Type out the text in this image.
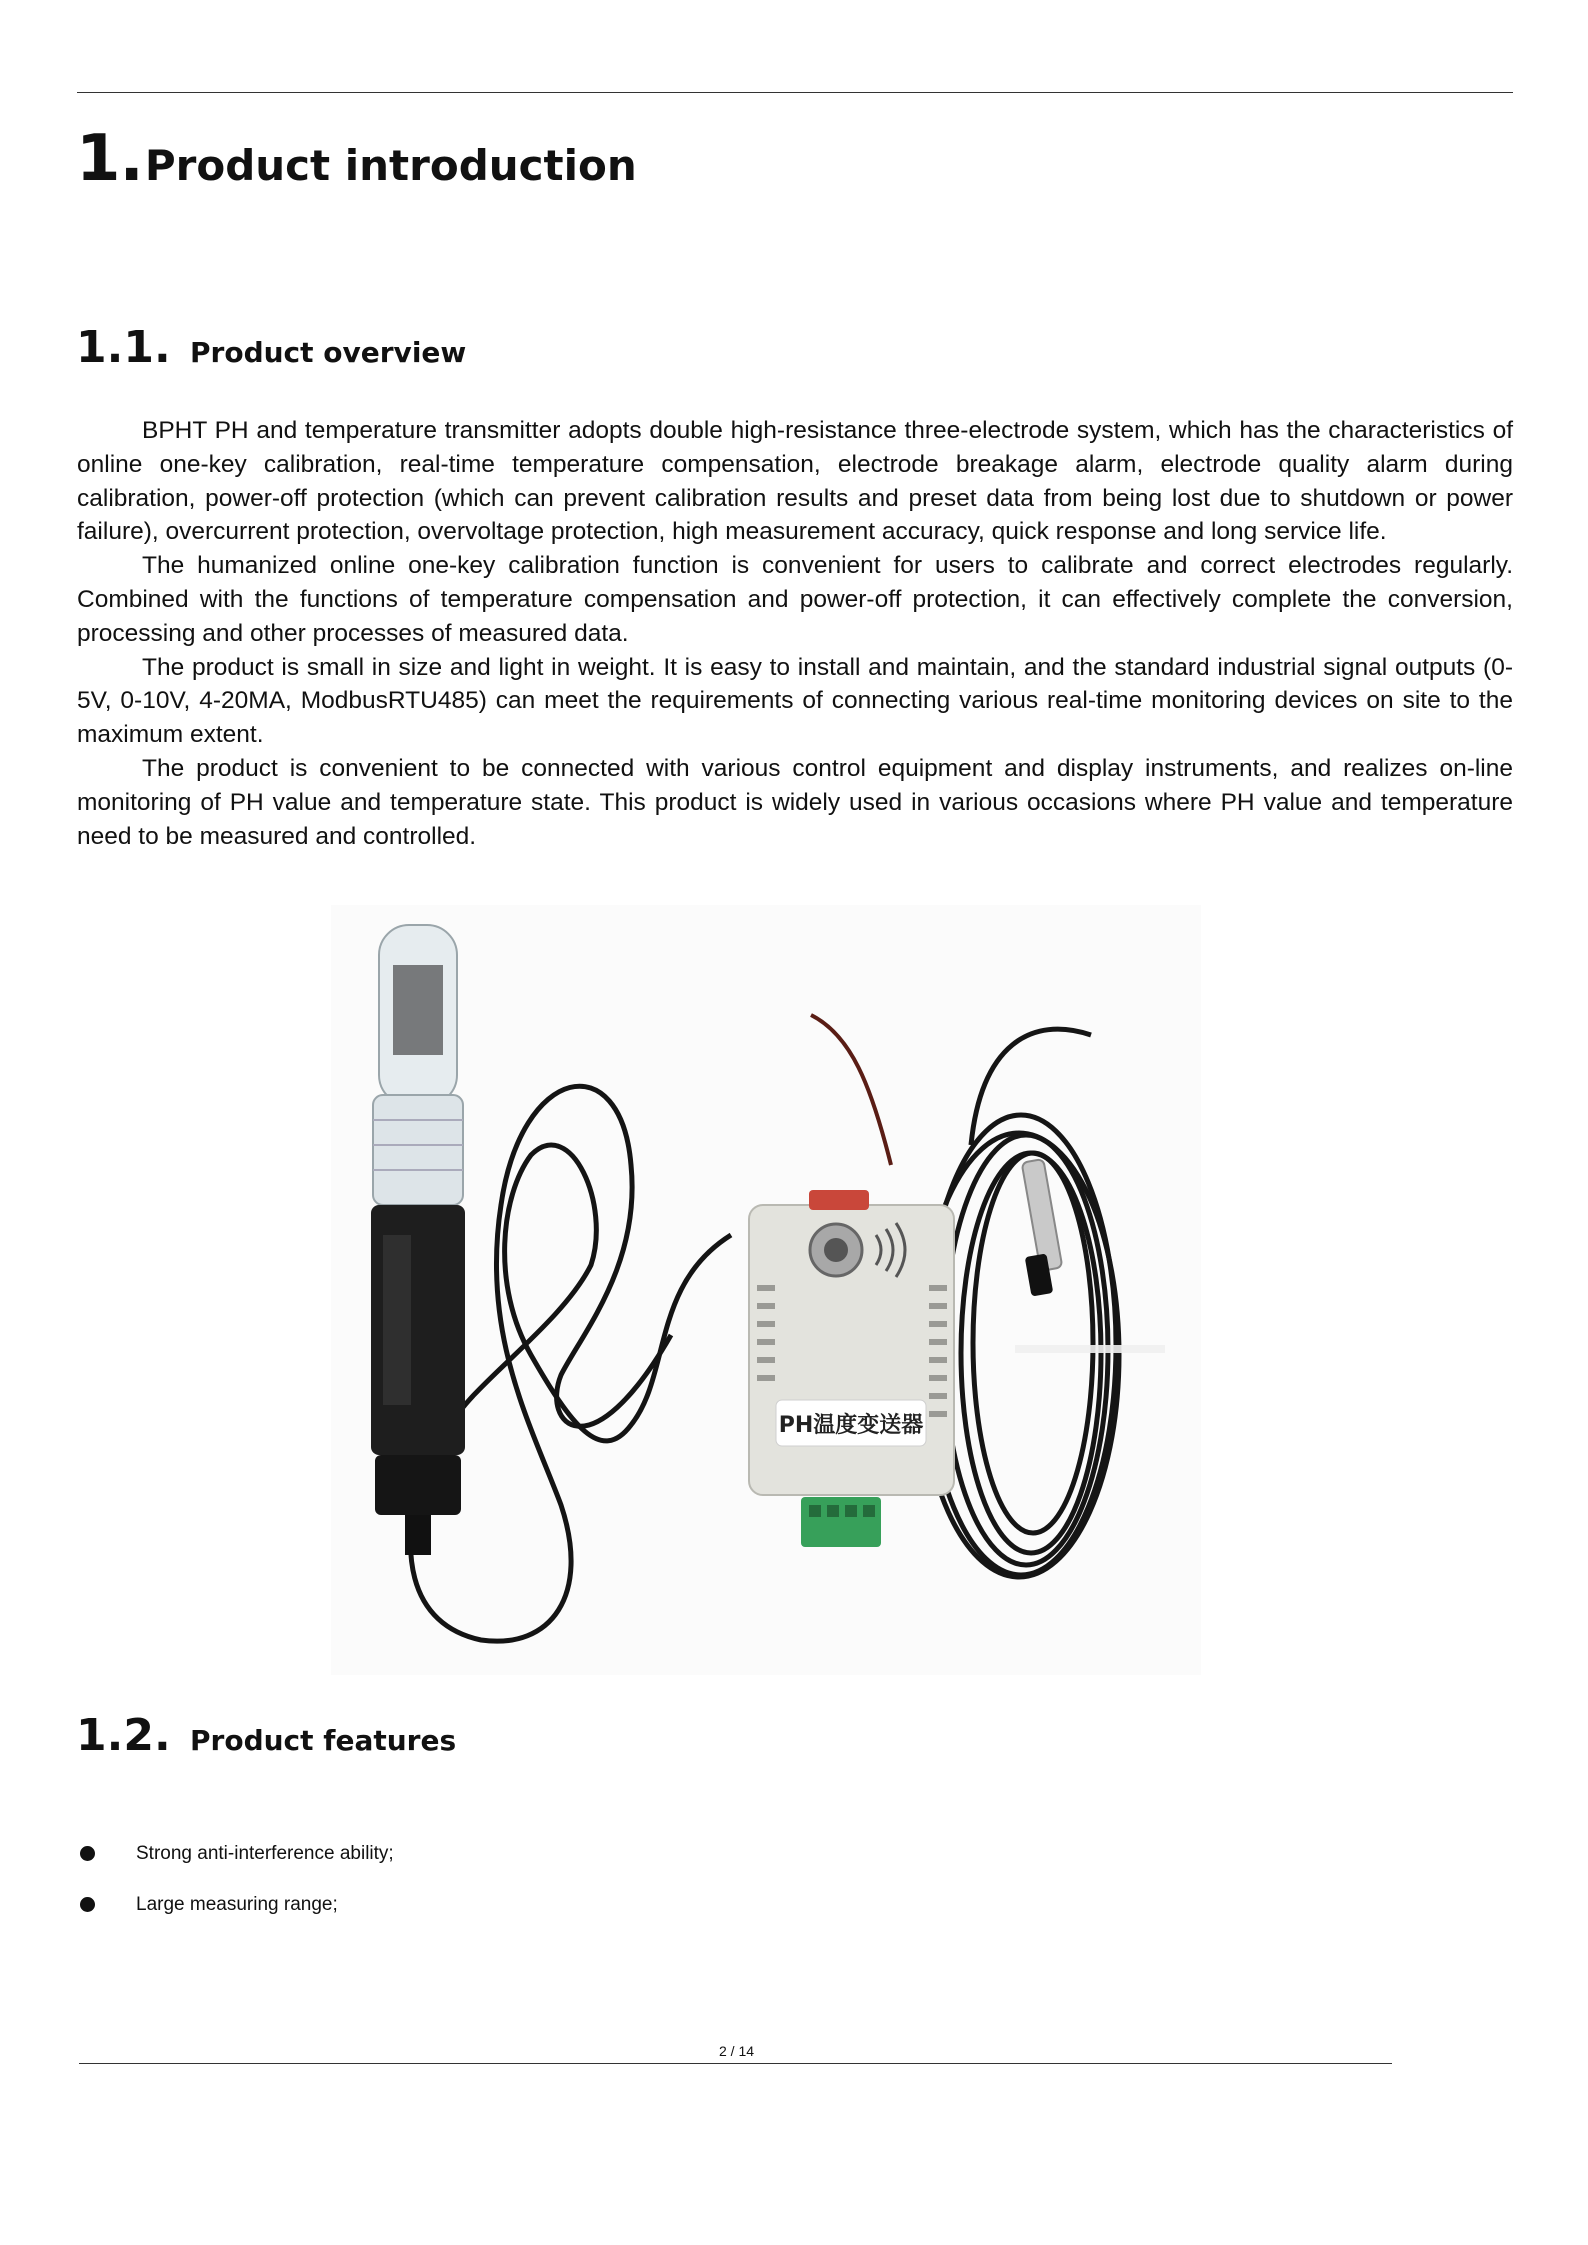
1. Product introduction
1.1. Product overview

BPHT PH and temperature transmitter adopts double high-resistance three-electrode system, which has the characteristics of online one-key calibration, real-time temperature compensation, electrode breakage alarm, electrode quality alarm during calibration, power-off protection (which can prevent calibration results and preset data from being lost due to shutdown or power failure), overcurrent protection, overvoltage protection, high measurement accuracy, quick response and long service life.

The humanized online one-key calibration function is convenient for users to calibrate and correct electrodes regularly. Combined with the functions of temperature compensation and power-off protection, it can effectively complete the conversion, processing and other processes of measured data.

The product is small in size and light in weight. It is easy to install and maintain, and the standard industrial signal outputs (0-5V, 0-10V, 4-20MA, ModbusRTU485) can meet the requirements of connecting various real-time monitoring devices on site to the maximum extent.

The product is convenient to be connected with various control equipment and display instruments, and realizes on-line monitoring of PH value and temperature state. This product is widely used in various occasions where PH value and temperature need to be measured and controlled.

PH温度变送器
1.2. Product features
Strong anti-interference ability;
Large measuring range;
2 / 14
